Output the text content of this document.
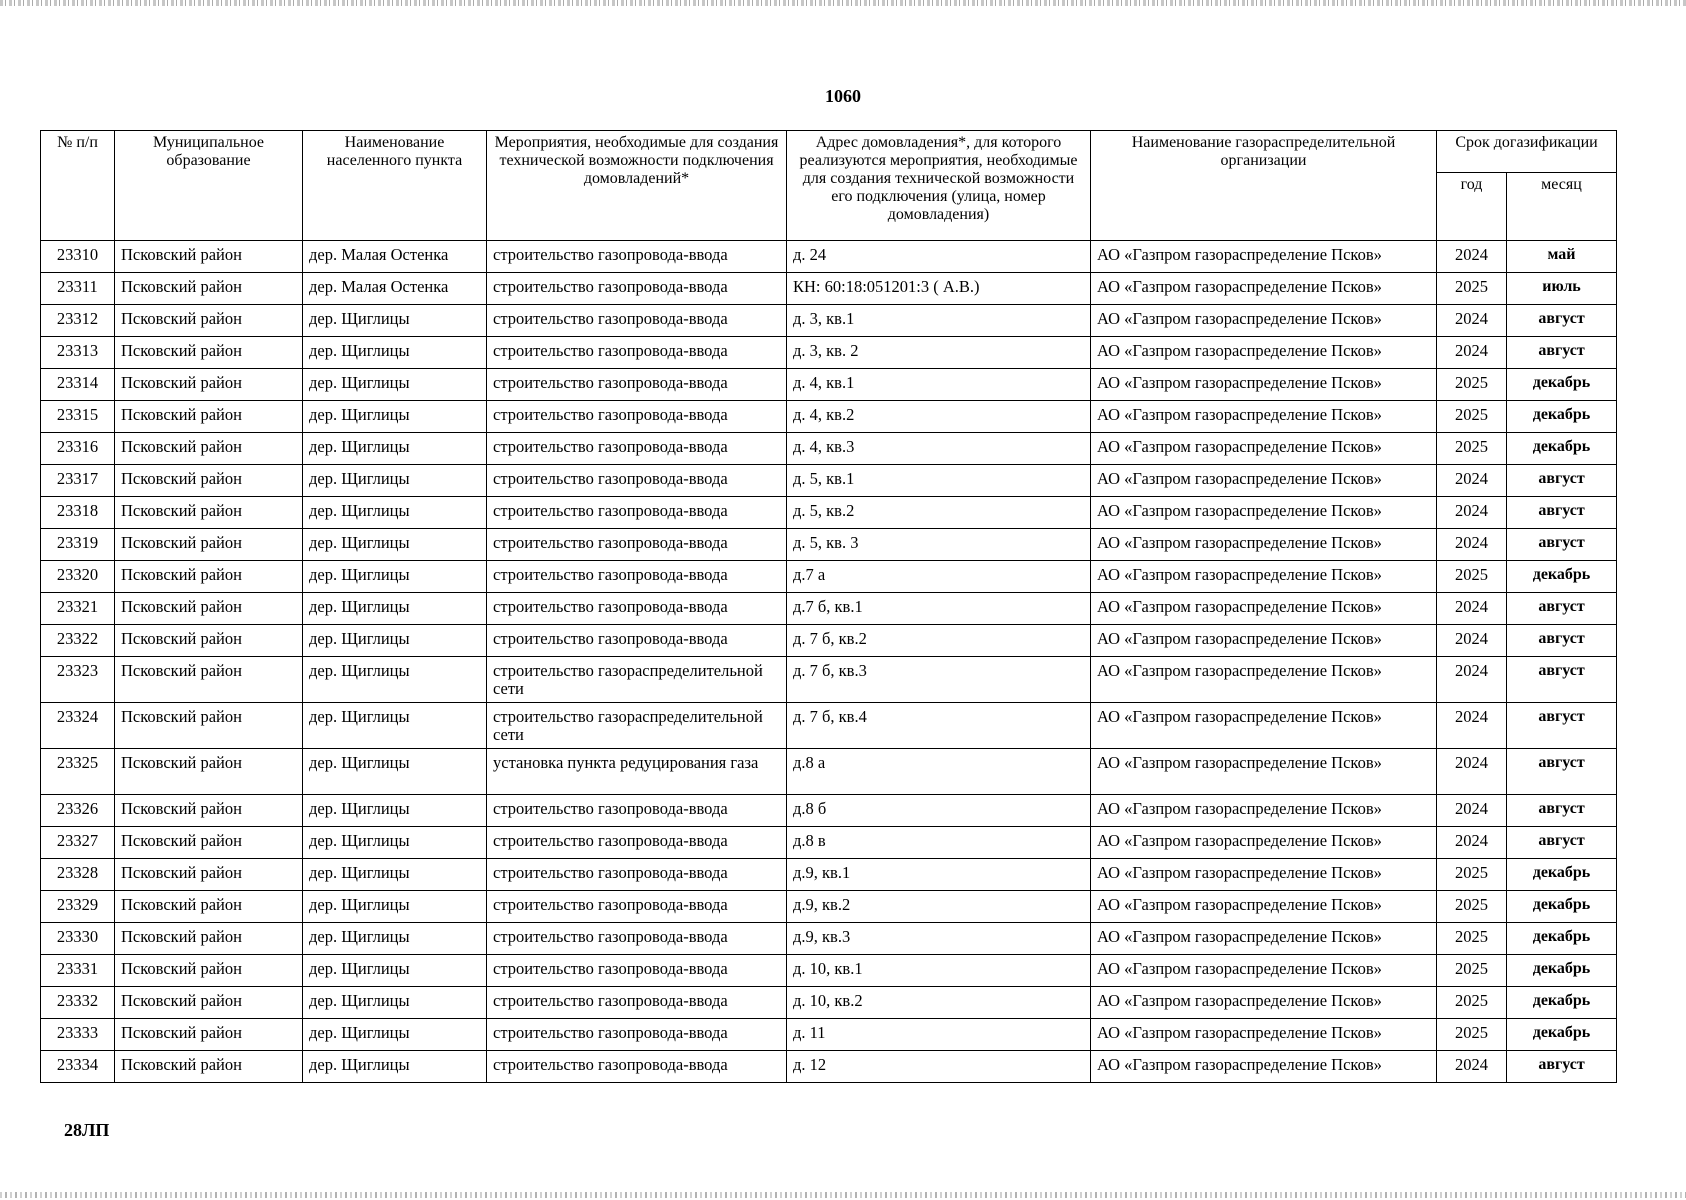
1060
№ п/п	Муниципальное образование	Наименование населенного пункта	Мероприятия, необходимые для создания технической возможности подключения домовладений*	Адрес домовладения*, для которого реализуются мероприятия, необходимые для создания технической возможности его подключения (улица, номер домовладения)	Наименование газораспределительной организации	Срок догазификации	
						год	месяц
23310	Псковский район	дер. Малая Остенка	строительство газопровода-ввода	д. 24	АО «Газпром газораспределение Псков»	2024	май
23311	Псковский район	дер. Малая Остенка	строительство газопровода-ввода	КН: 60:18:051201:3 ( А.В.)	АО «Газпром газораспределение Псков»	2025	июль
23312	Псковский район	дер. Щиглицы	строительство газопровода-ввода	д. 3, кв.1	АО «Газпром газораспределение Псков»	2024	август
23313	Псковский район	дер. Щиглицы	строительство газопровода-ввода	д. 3, кв. 2	АО «Газпром газораспределение Псков»	2024	август
23314	Псковский район	дер. Щиглицы	строительство газопровода-ввода	д. 4, кв.1	АО «Газпром газораспределение Псков»	2025	декабрь
23315	Псковский район	дер. Щиглицы	строительство газопровода-ввода	д. 4, кв.2	АО «Газпром газораспределение Псков»	2025	декабрь
23316	Псковский район	дер. Щиглицы	строительство газопровода-ввода	д. 4, кв.3	АО «Газпром газораспределение Псков»	2025	декабрь
23317	Псковский район	дер. Щиглицы	строительство газопровода-ввода	д. 5, кв.1	АО «Газпром газораспределение Псков»	2024	август
23318	Псковский район	дер. Щиглицы	строительство газопровода-ввода	д. 5, кв.2	АО «Газпром газораспределение Псков»	2024	август
23319	Псковский район	дер. Щиглицы	строительство газопровода-ввода	д. 5, кв. 3	АО «Газпром газораспределение Псков»	2024	август
23320	Псковский район	дер. Щиглицы	строительство газопровода-ввода	д.7 а	АО «Газпром газораспределение Псков»	2025	декабрь
23321	Псковский район	дер. Щиглицы	строительство газопровода-ввода	д.7 б, кв.1	АО «Газпром газораспределение Псков»	2024	август
23322	Псковский район	дер. Щиглицы	строительство газопровода-ввода	д. 7 б, кв.2	АО «Газпром газораспределение Псков»	2024	август
23323	Псковский район	дер. Щиглицы	строительство газораспределительной сети	д. 7 б, кв.3	АО «Газпром газораспределение Псков»	2024	август
23324	Псковский район	дер. Щиглицы	строительство газораспределительной сети	д. 7 б, кв.4	АО «Газпром газораспределение Псков»	2024	август
23325	Псковский район	дер. Щиглицы	установка пункта редуцирования газа	д.8 а	АО «Газпром газораспределение Псков»	2024	август
23326	Псковский район	дер. Щиглицы	строительство газопровода-ввода	д.8 б	АО «Газпром газораспределение Псков»	2024	август
23327	Псковский район	дер. Щиглицы	строительство газопровода-ввода	д.8 в	АО «Газпром газораспределение Псков»	2024	август
23328	Псковский район	дер. Щиглицы	строительство газопровода-ввода	д.9, кв.1	АО «Газпром газораспределение Псков»	2025	декабрь
23329	Псковский район	дер. Щиглицы	строительство газопровода-ввода	д.9, кв.2	АО «Газпром газораспределение Псков»	2025	декабрь
23330	Псковский район	дер. Щиглицы	строительство газопровода-ввода	д.9, кв.3	АО «Газпром газораспределение Псков»	2025	декабрь
23331	Псковский район	дер. Щиглицы	строительство газопровода-ввода	д. 10, кв.1	АО «Газпром газораспределение Псков»	2025	декабрь
23332	Псковский район	дер. Щиглицы	строительство газопровода-ввода	д. 10, кв.2	АО «Газпром газораспределение Псков»	2025	декабрь
23333	Псковский район	дер. Щиглицы	строительство газопровода-ввода	д. 11	АО «Газпром газораспределение Псков»	2025	декабрь
23334	Псковский район	дер. Щиглицы	строительство газопровода-ввода	д. 12	АО «Газпром газораспределение Псков»	2024	август
28ЛП
